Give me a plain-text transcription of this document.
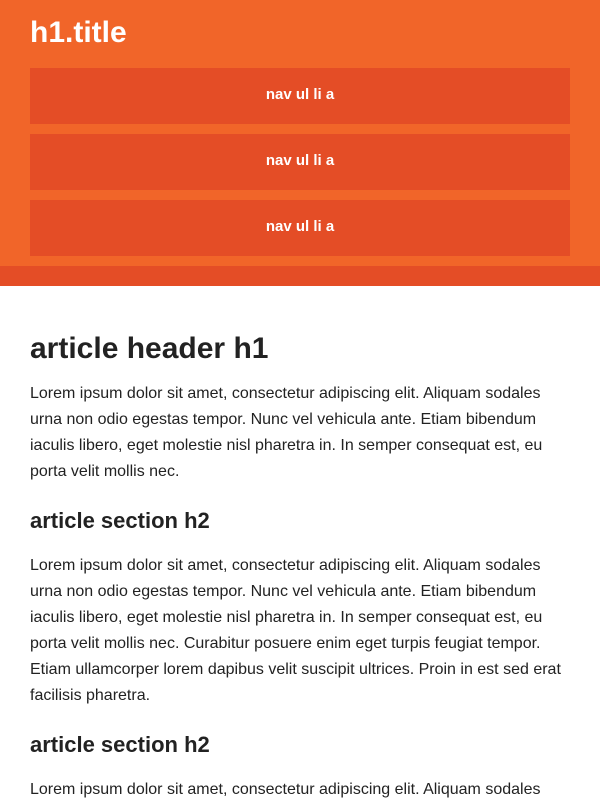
h1.title
nav ul li a
nav ul li a
nav ul li a
article header h1

Lorem ipsum dolor sit amet, consectetur adipiscing elit. Aliquam sodales urna non odio egestas tempor. Nunc vel vehicula ante. Etiam bibendum iaculis libero, eget molestie nisl pharetra in. In semper consequat est, eu porta velit mollis nec.

article section h2

Lorem ipsum dolor sit amet, consectetur adipiscing elit. Aliquam sodales urna non odio egestas tempor. Nunc vel vehicula ante. Etiam bibendum iaculis libero, eget molestie nisl pharetra in. In semper consequat est, eu porta velit mollis nec. Curabitur posuere enim eget turpis feugiat tempor. Etiam ullamcorper lorem dapibus velit suscipit ultrices. Proin in est sed erat facilisis pharetra.

article section h2

Lorem ipsum dolor sit amet, consectetur adipiscing elit. Aliquam sodales
